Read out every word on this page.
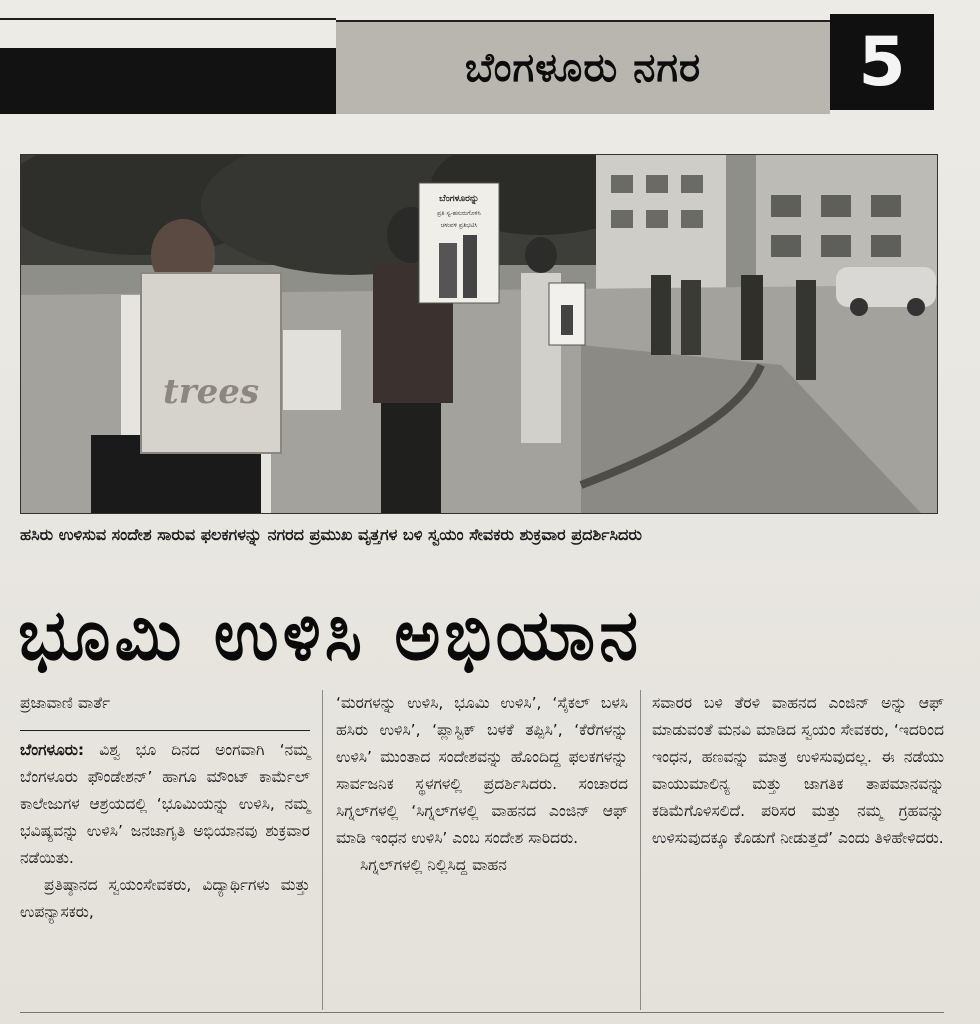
ಬೆಂಗಳೂರು ನಗರ	5
trees
ಬೆಂಗಳೂರನ್ನು
ಪ್ರತಿ ಸ್ವ-ಹಸುರುಗೊಳಿಸಿ
ಚಳುವಳಿ ಪ್ರತಿಭಟಿಸಿ
ಹಸಿರು ಉಳಿಸುವ ಸಂದೇಶ ಸಾರುವ ಫಲಕಗಳನ್ನು ನಗರದ ಪ್ರಮುಖ ವೃತ್ತಗಳ ಬಳಿ ಸ್ವಯಂ ಸೇವಕರು ಶುಕ್ರವಾರ ಪ್ರದರ್ಶಿಸಿದರು
ಭೂಮಿ ಉಳಿಸಿ ಅಭಿಯಾನ
ಪ್ರಜಾವಾಣಿ ವಾರ್ತೆ

ಬೆಂಗಳೂರು: ವಿಶ್ವ ಭೂ ದಿನದ ಅಂಗವಾಗಿ ‘ನಮ್ಮ ಬೆಂಗಳೂರು ಫೌಂಡೇಶನ್’ ಹಾಗೂ ಮೌಂಟ್ ಕಾರ್ಮೆಲ್ ಕಾಲೇಜುಗಳ ಆಶ್ರಯದಲ್ಲಿ ‘ಭೂಮಿಯನ್ನು ಉಳಿಸಿ, ನಮ್ಮ ಭವಿಷ್ಯವನ್ನು ಉಳಿಸಿ’ ಜನಜಾಗೃತಿ ಅಭಿಯಾನವು ಶುಕ್ರವಾರ ನಡೆಯಿತು.

ಪ್ರತಿಷ್ಠಾನದ ಸ್ವಯಂಸೇವಕರು, ವಿದ್ಯಾರ್ಥಿಗಳು ಮತ್ತು ಉಪನ್ಯಾಸಕರು,

‘ಮರಗಳನ್ನು ಉಳಿಸಿ, ಭೂಮಿ ಉಳಿಸಿ’, ‘ಸೈಕಲ್ ಬಳಸಿ ಹಸಿರು ಉಳಿಸಿ’, ‘ಪ್ಲಾಸ್ಟಿಕ್ ಬಳಕೆ ತಪ್ಪಿಸಿ’, ‘ಕೆರೆಗಳನ್ನು ಉಳಿಸಿ’ ಮುಂತಾದ ಸಂದೇಶವನ್ನು ಹೊಂದಿದ್ದ ಫಲಕಗಳನ್ನು ಸಾರ್ವಜನಿಕ ಸ್ಥಳಗಳಲ್ಲಿ ಪ್ರದರ್ಶಿಸಿದರು. ಸಂಚಾರದ ಸಿಗ್ನಲ್‌ಗಳಲ್ಲಿ ‘ಸಿಗ್ನಲ್‌ಗಳಲ್ಲಿ ವಾಹನದ ಎಂಜಿನ್ ಆಫ್ ಮಾಡಿ ಇಂಧನ ಉಳಿಸಿ’ ಎಂಬ ಸಂದೇಶ ಸಾರಿದರು.

ಸಿಗ್ನಲ್‌ಗಳಲ್ಲಿ ನಿಲ್ಲಿಸಿದ್ದ ವಾಹನ

ಸವಾರರ ಬಳಿ ತೆರಳಿ ವಾಹನದ ಎಂಜಿನ್ ಅನ್ನು ಆಫ್ ಮಾಡುವಂತೆ ಮನವಿ ಮಾಡಿದ ಸ್ವಯಂ ಸೇವಕರು, ‘ಇದರಿಂದ ಇಂಧನ, ಹಣವನ್ನು ಮಾತ್ರ ಉಳಿಸುವುದಲ್ಲ. ಈ ನಡೆಯು ವಾಯುಮಾಲಿನ್ಯ ಮತ್ತು ಜಾಗತಿಕ ತಾಪಮಾನವನ್ನು ಕಡಿಮೆಗೊಳಿಸಲಿದೆ. ಪರಿಸರ ಮತ್ತು ನಮ್ಮ ಗ್ರಹವನ್ನು ಉಳಿಸುವುದಕ್ಕೂ ಕೊಡುಗೆ ನೀಡುತ್ತದೆ’ ಎಂದು ತಿಳಿಹೇಳಿದರು.
